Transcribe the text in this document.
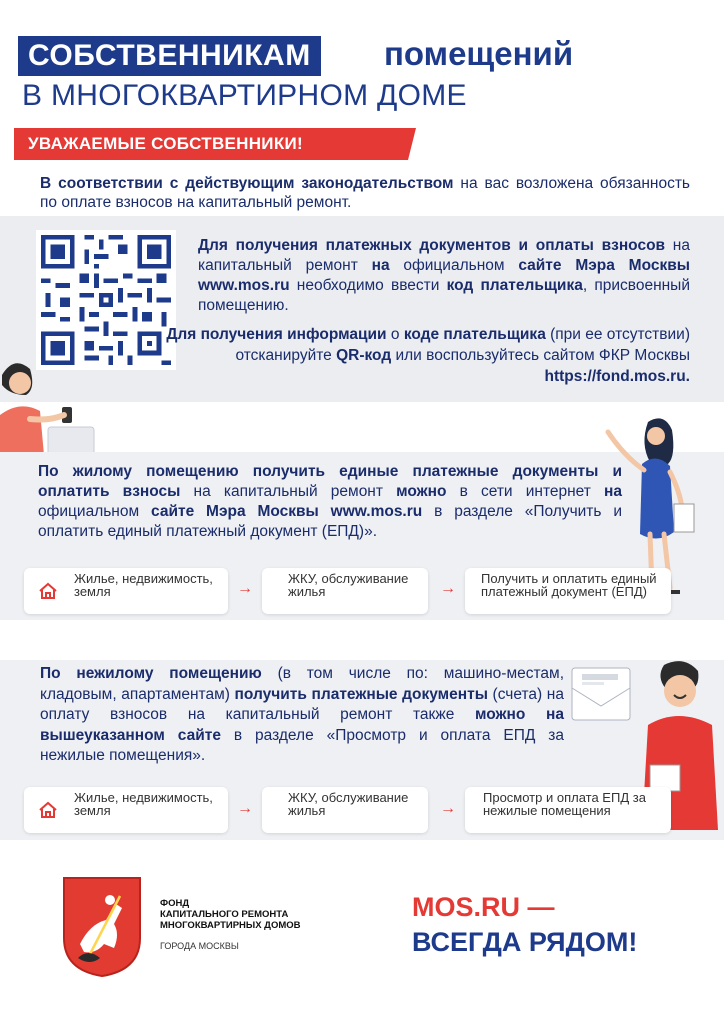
СОБСТВЕННИКАМ	помещений
В МНОГОКВАРТИРНОМ ДОМЕ
УВАЖАЕМЫЕ СОБСТВЕННИКИ!
В соответствии с действующим законодательством на вас возложена обязанность по оплате взносов на капитальный ремонт.
Для получения платежных документов и оплаты взносов на капитальный ремонт на официальном сайте Мэра Москвы www.mos.ru необходимо ввести код плательщика, присвоенный помещению.
Для получения информации о коде плательщика (при ее отсутствии) отсканируйте QR-код или воспользуйтесь сайтом ФКР Москвы https://fond.mos.ru.
По жилому помещению получить единые платежные документы и оплатить взносы на капитальный ремонт можно в сети интернет на официальном сайте Мэра Москвы www.mos.ru в разделе «Получить и оплатить единый платежный документ (ЕПД)».
Жилье, недвижимость, земля	→
ЖКУ, обслуживание жилья	→
Получить и оплатить единый платежный документ (ЕПД)
По нежилому помещению (в том числе по: машино-местам, кладовым, апартаментам) получить платежные документы (счета) на оплату взносов на капитальный ремонт также можно на вышеуказанном сайте в разделе «Просмотр и оплата ЕПД за нежилые помещения».
Жилье, недвижимость, земля	→
ЖКУ, обслуживание жилья	→
Просмотр и оплата ЕПД за нежилые помещения
ФОНД
КАПИТАЛЬНОГО РЕМОНТА
МНОГОКВАРТИРНЫХ ДОМОВ
ГОРОДА МОСКВЫ
MOS.RU —
ВСЕГДА РЯДОМ!
